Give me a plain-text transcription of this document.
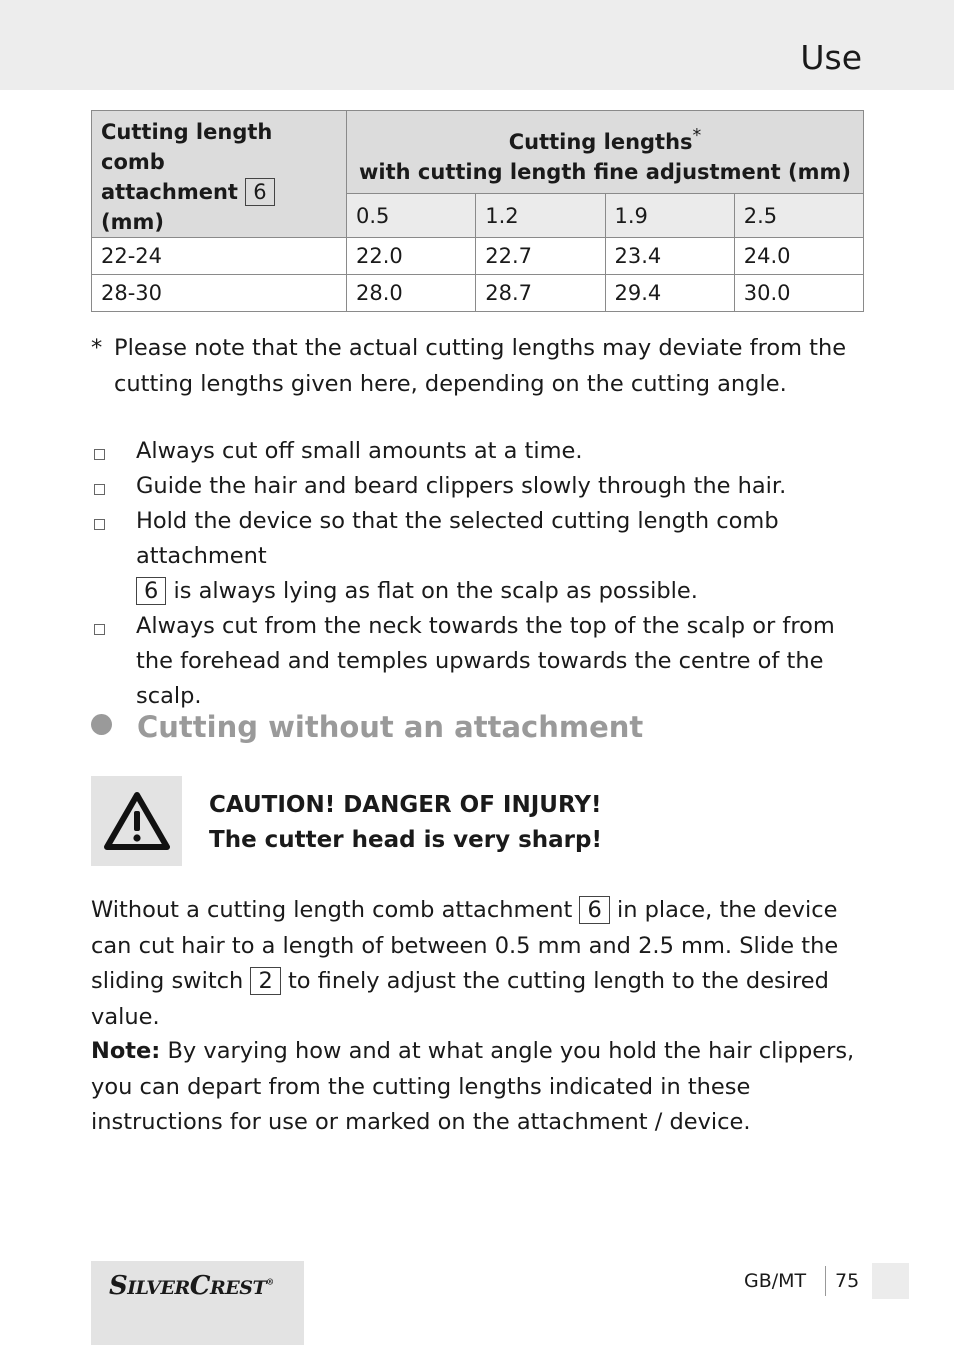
Use
Cutting length comb
attachment 6 (mm)	Cutting lengths*
with cutting length fine adjustment (mm)			
	0.5	1.2	1.9	2.5
22-24	22.0	22.7	23.4	24.0
28-30	28.0	28.7	29.4	30.0
* Please note that the actual cutting lengths may deviate from the cutting lengths given here, depending on the cutting angle.
Always cut off small amounts at a time.
Guide the hair and beard clippers slowly through the hair.
Hold the device so that the selected cutting length comb attachment
6 is always lying as flat on the scalp as possible.
Always cut from the neck towards the top of the scalp or from the forehead and temples upwards towards the centre of the scalp.
Cutting without an attachment
CAUTION! DANGER OF INJURY!
The cutter head is very sharp!

Without a cutting length comb attachment 6 in place, the device can cut hair to a length of between 0.5 mm and 2.5 mm. Slide the sliding switch 2 to finely adjust the cutting length to the desired value.

Note: By varying how and at what angle you hold the hair clippers, you can depart from the cutting lengths indicated in these instructions for use or marked on the attachment / device.

SILVERCREST®	GB/MT 75
